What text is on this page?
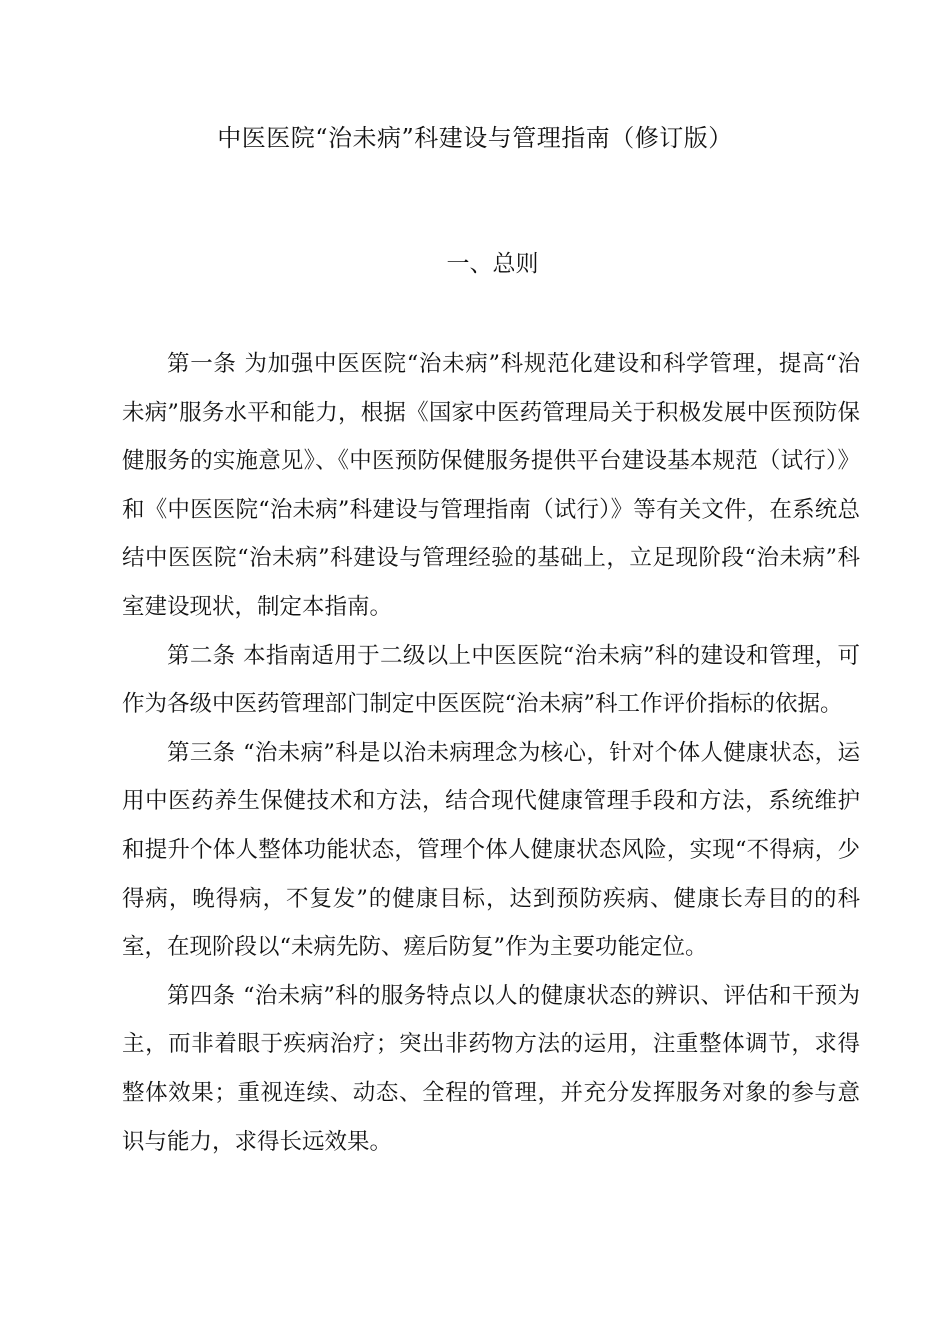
中医医院“治未病”科建设与管理指南（修订版）
一、总则

第一条 为加强中医医院“治未病”科规范化建设和科学管理，提高“治未病”服务水平和能力，根据《国家中医药管理局关于积极发展中医预防保健服务的实施意见》、《中医预防保健服务提供平台建设基本规范（试行）》和《中医医院“治未病”科建设与管理指南（试行）》等有关文件，在系统总结中医医院“治未病”科建设与管理经验的基础上，立足现阶段“治未病”科室建设现状，制定本指南。

第二条 本指南适用于二级以上中医医院“治未病”科的建设和管理，可作为各级中医药管理部门制定中医医院“治未病”科工作评价指标的依据。

第三条 “治未病”科是以治未病理念为核心，针对个体人健康状态，运用中医药养生保健技术和方法，结合现代健康管理手段和方法，系统维护和提升个体人整体功能状态，管理个体人健康状态风险，实现“不得病，少得病，晚得病，不复发”的健康目标，达到预防疾病、健康长寿目的的科室，在现阶段以“未病先防、瘥后防复”作为主要功能定位。

第四条 “治未病”科的服务特点以人的健康状态的辨识、评估和干预为主，而非着眼于疾病治疗；突出非药物方法的运用，注重整体调节，求得整体效果；重视连续、动态、全程的管理，并充分发挥服务对象的参与意识与能力，求得长远效果。
